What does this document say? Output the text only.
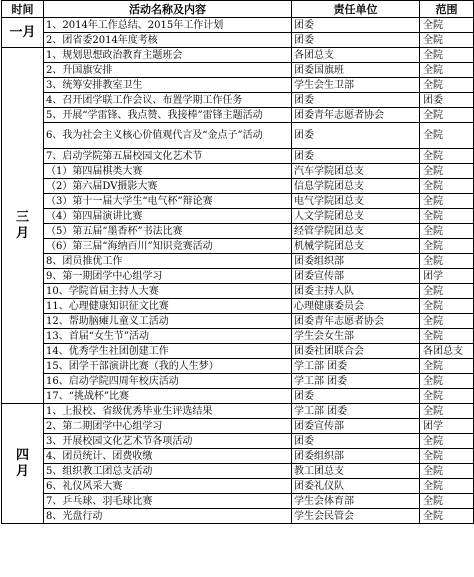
时间	活动名称及内容	责任单位	范围
一月	1、2014年工作总结、2015年工作计划	团委	全院
	2、团省委2014年度考核	团委	全院
三月	1、规划思想政治教育主题班会	各团总支	全院
	2、升国旗安排	团委国旗班	全院
	3、统筹安排教室卫生	学生会生卫部	全院
	4、召开团学联工作会议、布置学期工作任务	团委	团委
	5、开展“学雷锋、我点赞、我接棒”雷锋主题活动	团委青年志愿者协会	全院
	6、我为社会主义核心价值观代言及“金点子”活动	团委	全院
	7、启动学院第五届校园文化艺术节	团委	全院
	（1）第四届棋类大赛	汽车学院团总支	全院
	（2）第六届DV摄影大赛	信息学院团总支	全院
	（3）第十一届大学生“电气杯”辩论赛	电气学院团总支	全院
	（4）第四届演讲比赛	人文学院团总支	全院
	（5）第五届“墨香杯”书法比赛	经管学院团总支	全院
	（6）第三届“海纳百川”知识竞赛活动	机械学院团总支	全院
	8、团员推优工作	团委组织部	全院
	9、第一期团学中心组学习	团委宣传部	团学
	10、学院首届主持人大赛	团委主持人队	全院
	11、心理健康知识征文比赛	心理健康委员会	全院
	12、帮助脑瘫儿童义工活动	团委青年志愿者协会	全院
	13、首届“女生节”活动	学生会女生部	全院
	14、优秀学生社团创建工作	团委社团联合会	各团总支
	15、团学干部演讲比赛（我的人生梦）	学工部 团委	全院
	16、启动学院四周年校庆活动	学工部 团委	全院
	17、“挑战杯”比赛	团委	全院
四月	1、上报校、省级优秀毕业生评选结果	学工部 团委	全院
	2、第二期团学中心组学习	团委宣传部	团学
	3、开展校园文化艺术节各项活动	团委	全院
	4、团员统计、团费收缴	团委组织部	全院
	5、组织教工团总支活动	教工团总支	全院
	6、礼仪风采大赛	团委礼仪队	全院
	7、乒乓球、羽毛球比赛	学生会体育部	全院
	8、光盘行动	学生会民管会	全院
